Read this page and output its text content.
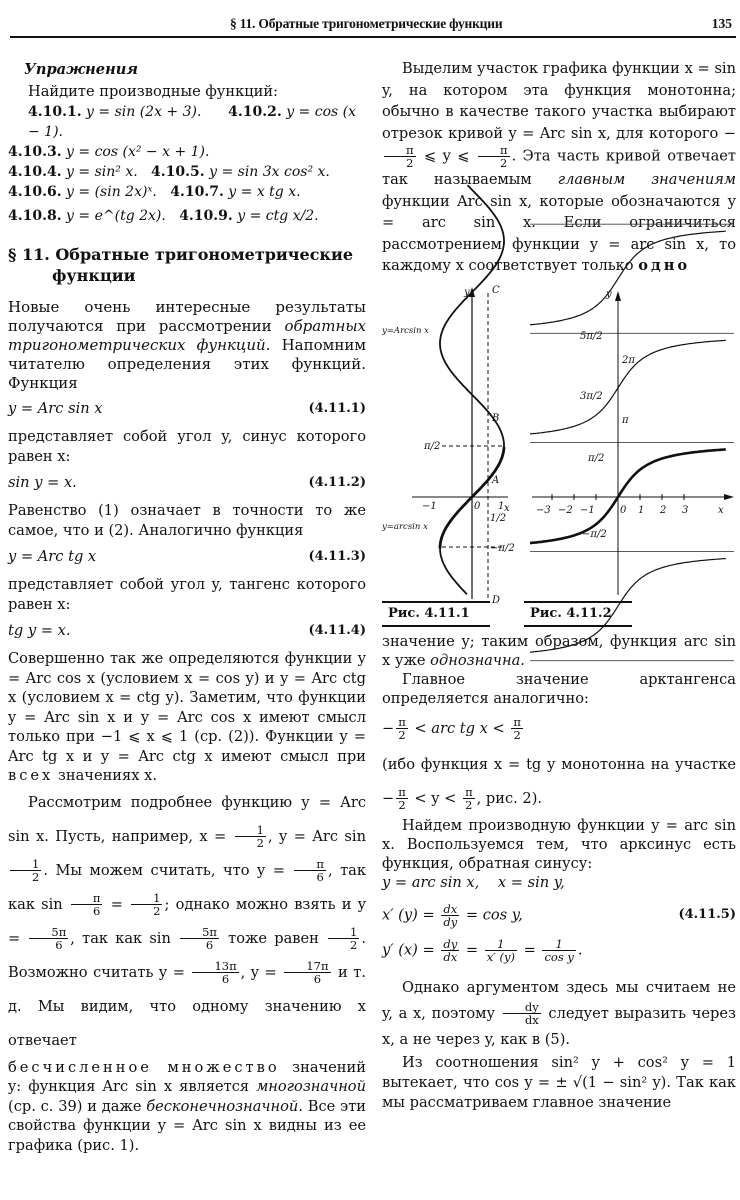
§ 11. Обратные тригонометрические функции	135
Упражнения
Найдите производные функций:
4.10.1. y = sin (2x + 3). 4.10.2. y = cos (x − 1).
4.10.3. y = cos (x² − x + 1).
4.10.4. y = sin² x. 4.10.5. y = sin 3x cos² x.
4.10.6. y = (sin 2x)ˣ. 4.10.7. y = x tg x.
4.10.8. y = e^(tg 2x). 4.10.9. y = ctg x/2.
§ 11. Обратные тригонометрические
функции

Новые очень интересные результаты получаются при рассмотрении обратных тригонометрических функций. Напомним читателю определения этих функций. Функция

y = Arc sin x	(4.11.1)

представляет собой угол y, синус которого равен x:

sin y = x.	(4.11.2)

Равенство (1) означает в точности то же самое, что и (2). Аналогично функция

y = Arc tg x	(4.11.3)

представляет собой угол y, тангенс которого равен x:

tg y = x.	(4.11.4)

Совершенно так же определяются функции y = Arc cos x (условием x = cos y) и y = Arc ctg x (условием x = ctg y). Заметим, что функции y = Arc sin x и y = Arc cos x имеют смысл только при −1 ⩽ x ⩽ 1 (ср. (2)). Функции y = Arc tg x и y = Arc ctg x имеют смысл при всех значениях x.

Рассмотрим подробнее функцию y = Arc sin x. Пусть, например, $x = \frac{1}{2}$ , y = Arc sin
$\frac{1}{2}$ . Мы можем считать, что $y = \frac{\pi}{6}$ , так как $\sin \frac{\pi}{6} = \frac{1}{2}$ ; однако можно взять и $y = \frac{5\pi}{6}$ , так как $\sin \frac{5\pi}{6}$ тоже равен $\frac{1}{2}$ . Возможно считать $y = \frac{13\pi}{6}$ , $y = \frac{17\pi}{6}$ и т. д. Мы видим, что одному значению x отвечает

бесчисленное множество значений y: функция Arc sin x является многозначной (ср. с. 39) и даже бесконечнозначной. Все эти свойства функции y = Arc sin x видны из ее графика (рис. 1).

Выделим участок графика функции x = sin y, на котором эта функция монотонна; обычно в качестве такого участка выбирают отрезок кривой y = Arc sin x, для которого −
$\frac{\pi}{2}$ ⩽ y ⩽ $\frac{\pi}{2}$ . Эта часть кривой отвечает так называемым главным значениям функции Arc sin x, которые обозначаются y = arc sin x. Если ограничиться рассмотрением функции y = arc sin x, то каждому x соответствует только одно

y
x
C
B
A
D
π/2
−π/2
−1	0 1
1/2
y=Arcsin x
y=arcsin x
Рис. 4.11.1
y
x
5π/2
2π
3π/2
π
π/2
−π/2
−3 −2 −1	0 1 2 3
Рис. 4.11.2

значение y; таким образом, функция arc sin x уже однозначна.

Главное значение арктангенса определяется аналогично:

− $\frac{\pi}{2}$ < arc tg $x < \frac{\pi}{2}$

(ибо функция x = tg y монотонна на участке − $\frac{\pi}{2} < y < \frac{\pi}{2}$ , рис. 2).

Найдем производную функции y = arc sin x. Воспользуемся тем, что арксинус есть функция, обратная синусу:

y = arc sin x,    x = sin y,
x′ $(y) = \frac{dx}{dy} = \cos y$,	(4.11.5)
y′ $(x) = \frac{dy}{dx} = \frac{1}{x' (y)} = \frac{1}{\text{cos y}}$ .

Однако аргументом здесь мы считаем не y, а x, поэтому $\frac{dy}{dx}$ следует выразить через x, а не через y, как в (5).

Из соотношения sin² y + cos² y = 1 вытекает, что cos y = ± √(1 − sin² y). Так как мы рассматриваем главное значение
